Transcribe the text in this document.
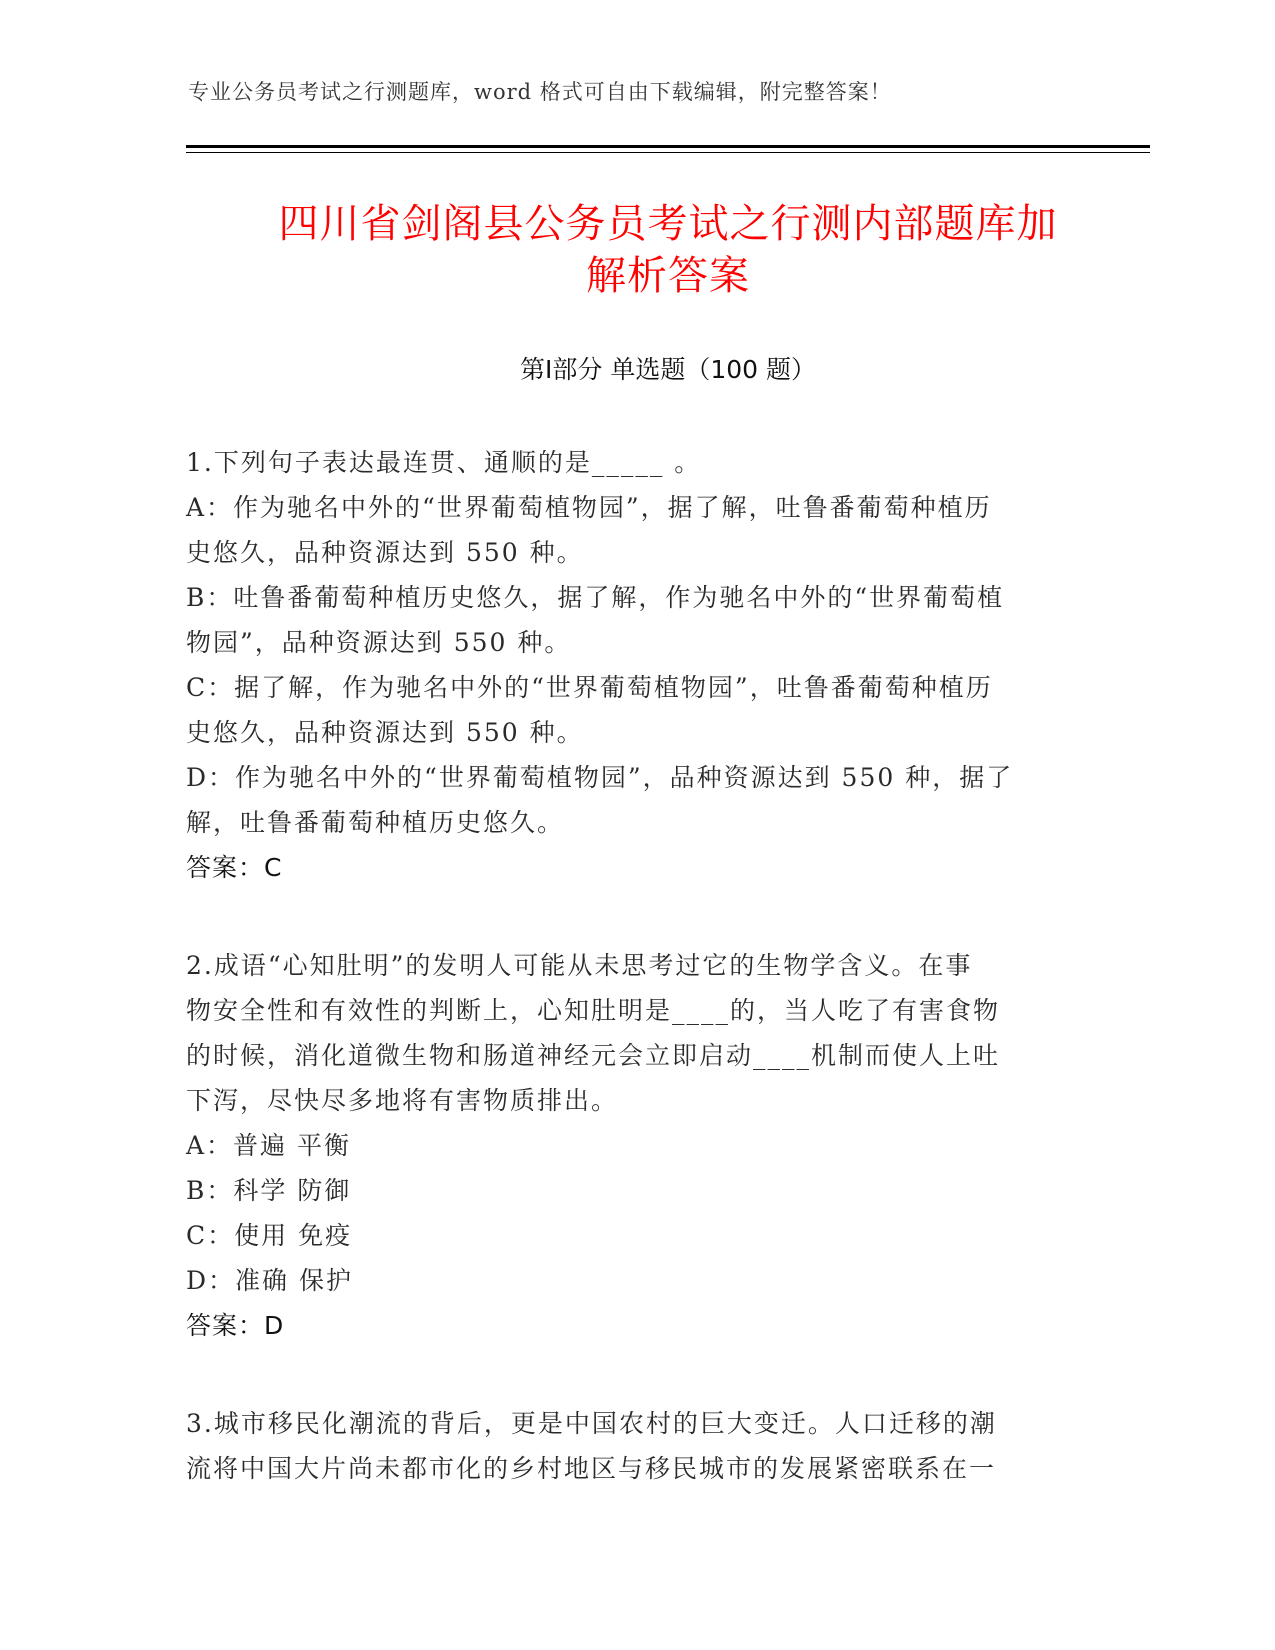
专业公务员考试之行测题库，word 格式可自由下载编辑，附完整答案！
四川省剑阁县公务员考试之行测内部题库加
解析答案
第Ⅰ部分 单选题（100 题）
1.下列句子表达最连贯、通顺的是_____ 。
A：作为驰名中外的“世界葡萄植物园”，据了解，吐鲁番葡萄种植历
史悠久，品种资源达到 550 种。
B：吐鲁番葡萄种植历史悠久，据了解，作为驰名中外的“世界葡萄植
物园”，品种资源达到 550 种。
C：据了解，作为驰名中外的“世界葡萄植物园”，吐鲁番葡萄种植历
史悠久，品种资源达到 550 种。
D：作为驰名中外的“世界葡萄植物园”，品种资源达到 550 种，据了
解，吐鲁番葡萄种植历史悠久。
答案：C
2.成语“心知肚明”的发明人可能从未思考过它的生物学含义。在事
物安全性和有效性的判断上，心知肚明是____的，当人吃了有害食物
的时候，消化道微生物和肠道神经元会立即启动____机制而使人上吐
下泻，尽快尽多地将有害物质排出。
A：普遍 平衡
B：科学 防御
C：使用 免疫
D：准确 保护
答案：D
3.城市移民化潮流的背后，更是中国农村的巨大变迁。人口迁移的潮
流将中国大片尚未都市化的乡村地区与移民城市的发展紧密联系在一
